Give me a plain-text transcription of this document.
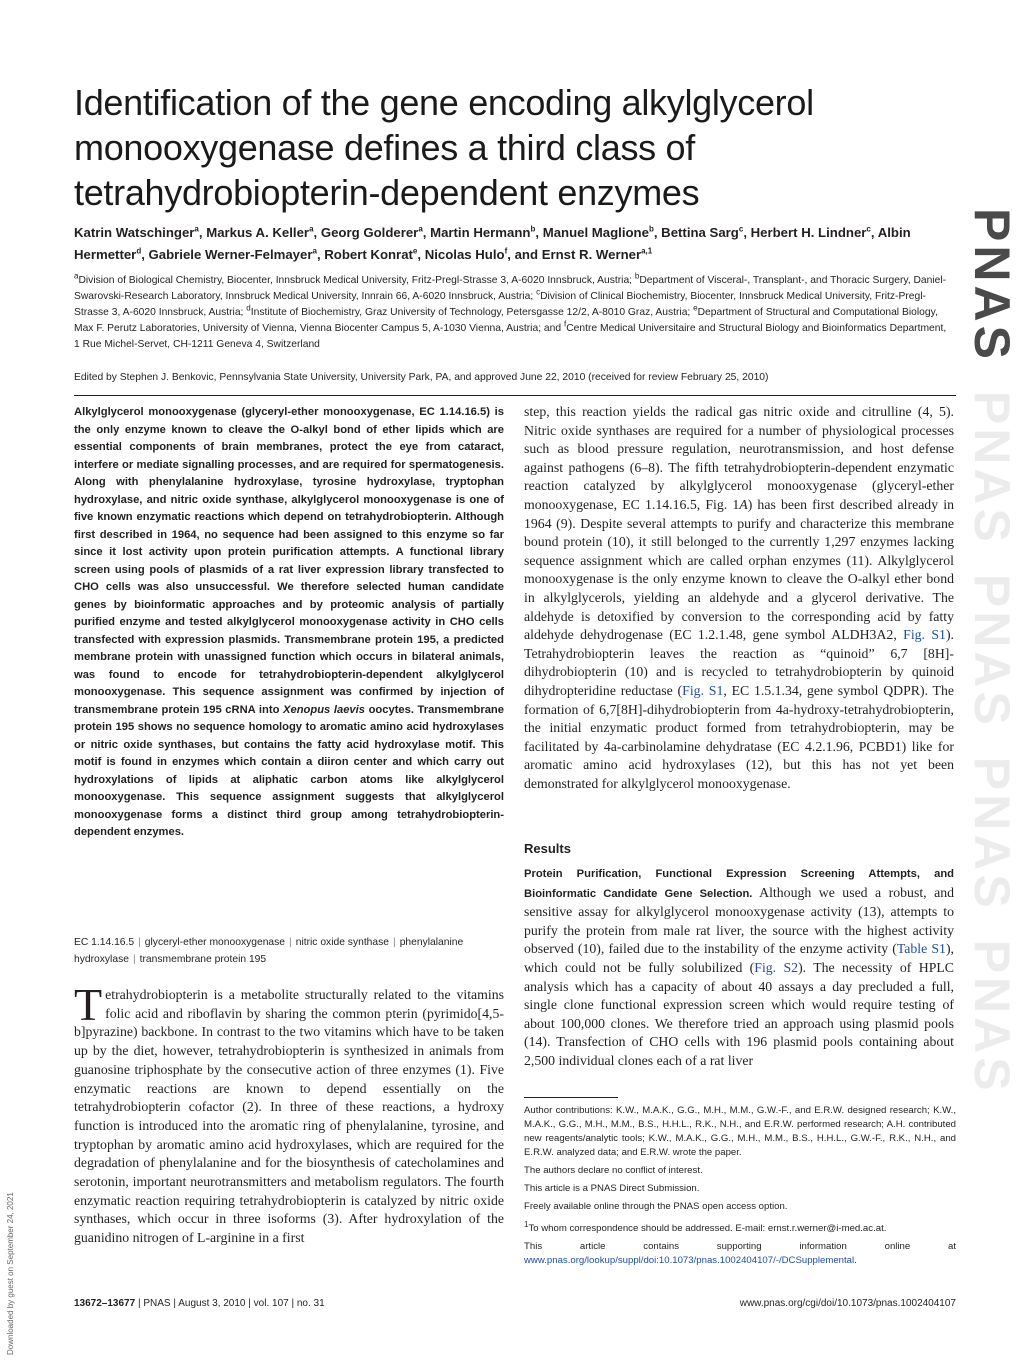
PNAS
PNAS
PNAS
PNAS
PNAS
Downloaded by guest on September 24, 2021
Identification of the gene encoding alkylglycerol monooxygenase defines a third class of tetrahydrobiopterin-dependent enzymes

Katrin Watschinger$^a$, Markus A. Keller$^a$, Georg Golderer$^a$, Martin Hermann$^b$, Manuel Maglione$^b$, Bettina Sarg$^c$, Herbert H. Lindner$^c$, Albin Hermetter$^d$, Gabriele Werner-Felmayer$^a$, Robert Konrat$^e$, Nicolas Hulo$^f$, and Ernst R. Werner$^{a,1}$

$^a$Division of Biological Chemistry, Biocenter, Innsbruck Medical University, Fritz-Pregl-Strasse 3, A-6020 Innsbruck, Austria; $^b$Department of Visceral-, Transplant-, and Thoracic Surgery, Daniel-Swarovski-Research Laboratory, Innsbruck Medical University, Innrain 66, A-6020 Innsbruck, Austria; $^c$Division of Clinical Biochemistry, Biocenter, Innsbruck Medical University, Fritz-Pregl-Strasse 3, A-6020 Innsbruck, Austria; $^d$Institute of Biochemistry, Graz University of Technology, Petersgasse 12/2, A-8010 Graz, Austria; $^e$Department of Structural and Computational Biology, Max F. Perutz Laboratories, University of Vienna, Vienna Biocenter Campus 5, A-1030 Vienna, Austria; and $^f$Centre Medical Universitaire and Structural Biology and Bioinformatics Department, 1 Rue Michel-Servet, CH-1211 Geneva 4, Switzerland

Edited by Stephen J. Benkovic, Pennsylvania State University, University Park, PA, and approved June 22, 2010 (received for review February 25, 2010)

Alkylglycerol monooxygenase (glyceryl-ether monooxygenase, EC 1.14.16.5) is the only enzyme known to cleave the O-alkyl bond of ether lipids which are essential components of brain membranes, protect the eye from cataract, interfere or mediate signalling processes, and are required for spermatogenesis. Along with phenylalanine hydroxylase, tyrosine hydroxylase, tryptophan hydroxylase, and nitric oxide synthase, alkylglycerol monooxygenase is one of five known enzymatic reactions which depend on tetrahydrobiopterin. Although first described in 1964, no sequence had been assigned to this enzyme so far since it lost activity upon protein purification attempts. A functional library screen using pools of plasmids of a rat liver expression library transfected to CHO cells was also unsuccessful. We therefore selected human candidate genes by bioinformatic approaches and by proteomic analysis of partially purified enzyme and tested alkylglycerol monooxygenase activity in CHO cells transfected with expression plasmids. Transmembrane protein 195, a predicted membrane protein with unassigned function which occurs in bilateral animals, was found to encode for tetrahydrobiopterin-dependent alkylglycerol monooxygenase. This sequence assignment was confirmed by injection of transmembrane protein 195 cRNA into Xenopus laevis oocytes. Transmembrane protein 195 shows no sequence homology to aromatic amino acid hydroxylases or nitric oxide synthases, but contains the fatty acid hydroxylase motif. This motif is found in enzymes which contain a diiron center and which carry out hydroxylations of lipids at aliphatic carbon atoms like alkylglycerol monooxygenase. This sequence assignment suggests that alkylglycerol monooxygenase forms a distinct third group among tetrahydrobiopterin-dependent enzymes.

EC 1.14.16.5 | glyceryl-ether monooxygenase | nitric oxide synthase | phenylalanine hydroxylase | transmembrane protein 195

Tetrahydrobiopterin is a metabolite structurally related to the vitamins folic acid and riboflavin by sharing the common pterin (pyrimido[4,5-b]pyrazine) backbone. In contrast to the two vitamins which have to be taken up by the diet, however, tetrahydrobiopterin is synthesized in animals from guanosine triphosphate by the consecutive action of three enzymes (1). Five enzymatic reactions are known to depend essentially on the tetrahydrobiopterin cofactor (2). In three of these reactions, a hydroxy function is introduced into the aromatic ring of phenylalanine, tyrosine, and tryptophan by aromatic amino acid hydroxylases, which are required for the degradation of phenylalanine and for the biosynthesis of catecholamines and serotonin, important neurotransmitters and metabolism regulators. The fourth enzymatic reaction requiring tetrahydrobiopterin is catalyzed by nitric oxide synthases, which occur in three isoforms (3). After hydroxylation of the guanidino nitrogen of L-arginine in a first

step, this reaction yields the radical gas nitric oxide and citrulline (4, 5). Nitric oxide synthases are required for a number of physiological processes such as blood pressure regulation, neurotransmission, and host defense against pathogens (6–8). The fifth tetrahydrobiopterin-dependent enzymatic reaction catalyzed by alkylglycerol monooxygenase (glyceryl-ether monooxygenase, EC 1.14.16.5, Fig. 1A) has been first described already in 1964 (9). Despite several attempts to purify and characterize this membrane bound protein (10), it still belonged to the currently 1,297 enzymes lacking sequence assignment which are called orphan enzymes (11). Alkylglycerol monooxygenase is the only enzyme known to cleave the O-alkyl ether bond in alkylglycerols, yielding an aldehyde and a glycerol derivative. The aldehyde is detoxified by conversion to the corresponding acid by fatty aldehyde dehydrogenase (EC 1.2.1.48, gene symbol ALDH3A2, Fig. S1). Tetrahydrobiopterin leaves the reaction as “quinoid” 6,7 [8H]-dihydrobiopterin (10) and is recycled to tetrahydrobiopterin by quinoid dihydropteridine reductase (Fig. S1, EC 1.5.1.34, gene symbol QDPR). The formation of 6,7[8H]-dihydrobiopterin from 4a-hydroxy-tetrahydrobiopterin, the initial enzymatic product formed from tetrahydrobiopterin, may be facilitated by 4a-carbinolamine dehydratase (EC 4.2.1.96, PCBD1) like for aromatic amino acid hydroxylases (12), but this has not yet been demonstrated for alkylglycerol monooxygenase.

Results

Protein Purification, Functional Expression Screening Attempts, and Bioinformatic Candidate Gene Selection. Although we used a robust, and sensitive assay for alkylglycerol monooxygenase activity (13), attempts to purify the protein from male rat liver, the source with the highest activity observed (10), failed due to the instability of the enzyme activity (Table S1), which could not be fully solubilized (Fig. S2). The necessity of HPLC analysis which has a capacity of about 40 assays a day precluded a full, single clone functional expression screen which would require testing of about 100,000 clones. We therefore tried an approach using plasmid pools (14). Transfection of CHO cells with 196 plasmid pools containing about 2,500 individual clones each of a rat liver

Author contributions: K.W., M.A.K., G.G., M.H., M.M., G.W.-F., and E.R.W. designed research; K.W., M.A.K., G.G., M.H., M.M., B.S., H.H.L., R.K., N.H., and E.R.W. performed research; A.H. contributed new reagents/analytic tools; K.W., M.A.K., G.G., M.H., M.M., B.S., H.H.L., G.W.-F., R.K., N.H., and E.R.W. analyzed data; and E.R.W. wrote the paper.

The authors declare no conflict of interest.

This article is a PNAS Direct Submission.

Freely available online through the PNAS open access option.

$^1$To whom correspondence should be addressed. E-mail: ernst.r.werner@i-med.ac.at.

This article contains supporting information online at www.pnas.org/lookup/suppl/doi:10.1073/pnas.1002404107/-/DCSupplemental.

13672–13677 | PNAS | August 3, 2010 | vol. 107 | no. 31	www.pnas.org/cgi/doi/10.1073/pnas.1002404107
